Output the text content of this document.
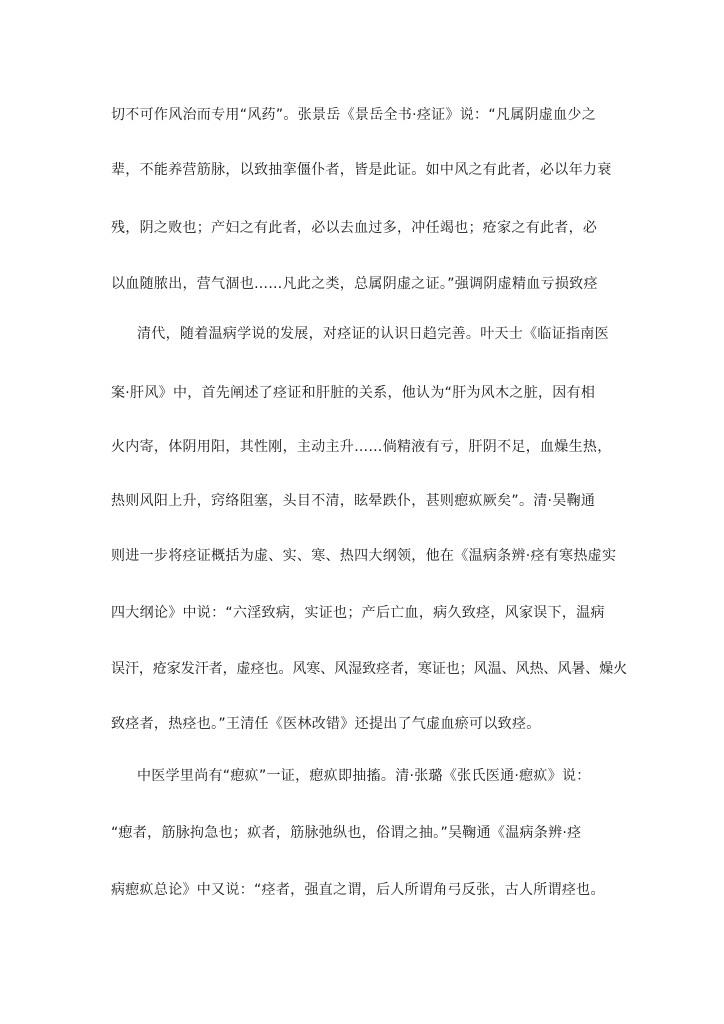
切不可作风治而专用“风药”。张景岳《景岳全书·痉证》说：“凡属阴虚血少之
辈，不能养营筋脉，以致抽挛僵仆者，皆是此证。如中风之有此者，必以年力衰
残，阴之败也；产妇之有此者，必以去血过多，冲任竭也；疮家之有此者，必
以血随脓出，营气涸也……凡此之类，总属阴虚之证。”强调阴虚精血亏损致痉
清代，随着温病学说的发展，对痉证的认识日趋完善。叶天士《临证指南医
案·肝风》中，首先阐述了痉证和肝脏的关系，他认为“肝为风木之脏，因有相
火内寄，体阴用阳，其性刚，主动主升……倘精液有亏，肝阴不足，血燥生热，
热则风阳上升，窍络阻塞，头目不清，眩晕跌仆，甚则瘛疭厥矣”。清·吴鞠通
则进一步将痉证概括为虚、实、寒、热四大纲领，他在《温病条辨·痉有寒热虚实
四大纲论》中说：“六淫致病，实证也；产后亡血，病久致痉，风家误下，温病
误汗，疮家发汗者，虚痉也。风寒、风湿致痉者，寒证也；风温、风热、风暑、燥火
致痉者，热痉也。”王清任《医林改错》还提出了气虚血瘀可以致痉。
中医学里尚有“瘛疭”一证，瘛疭即抽搐。清·张璐《张氏医通·瘛疭》说：
“瘛者，筋脉拘急也；疭者，筋脉弛纵也，俗谓之抽。”吴鞠通《温病条辨·痉
病瘛疭总论》中又说：“痉者，强直之谓，后人所谓角弓反张，古人所谓痉也。
